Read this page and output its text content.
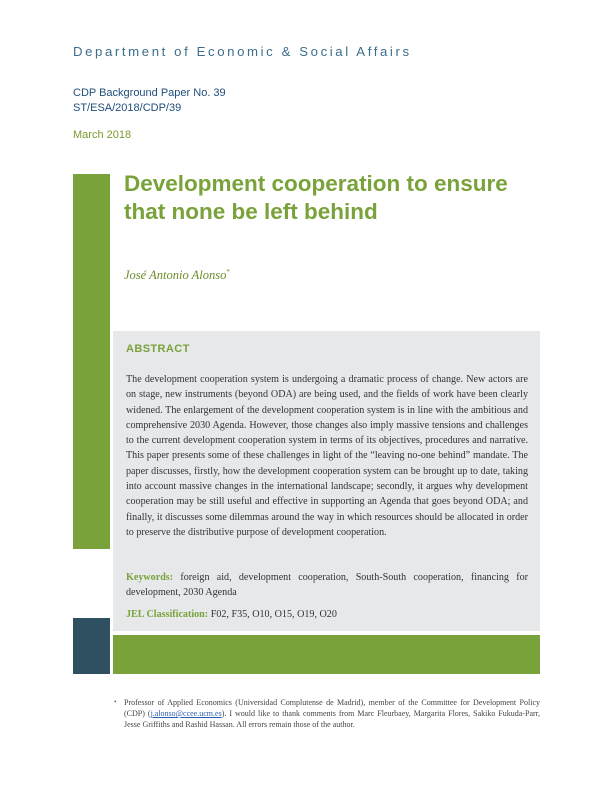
Department of Economic & Social Affairs
CDP Background Paper No. 39
ST/ESA/2018/CDP/39
March 2018
Development cooperation to ensure
that none be left behind
José Antonio Alonso*
ABSTRACT
The development cooperation system is undergoing a dramatic process of change. New actors are on stage, new instruments (beyond ODA) are being used, and the fields of work have been clearly widened. The enlargement of the development cooperation system is in line with the ambitious and comprehensive 2030 Agenda. However, those changes also imply massive tensions and challenges to the current development cooperation system in terms of its objectives, procedures and narrative. This paper presents some of these challenges in light of the “leaving no-one behind” mandate. The paper discusses, firstly, how the development cooperation system can be brought up to date, taking into account massive changes in the international landscape; secondly, it argues why development cooperation may be still useful and effective in supporting an Agenda that goes beyond ODA; and finally, it discusses some dilemmas around the way in which resources should be allocated in order to preserve the distributive purpose of development cooperation.
Keywords: foreign aid, development cooperation, South-South cooperation, financing for development, 2030 Agenda
JEL Classification: F02, F35, O10, O15, O19, O20
• Professor of Applied Economics (Universidad Complutense de Madrid), member of the Committee for Development Policy (CDP) (j.alonso@ccee.ucm.es). I would like to thank comments from Marc Fleurbaey, Margarita Flores, Sakiko Fukuda-Parr, Jesse Griffiths and Rashid Hassan. All errors remain those of the author.
